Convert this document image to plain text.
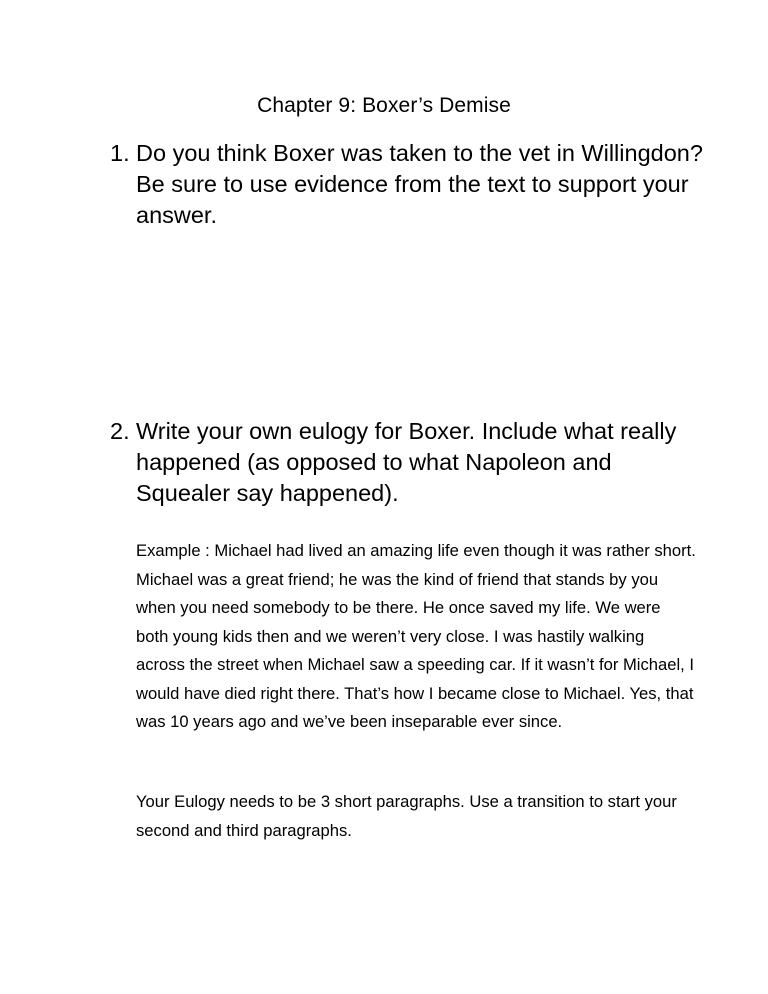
Chapter 9: Boxer’s Demise
1. Do you think Boxer was taken to the vet in Willingdon? Be sure to use evidence from the text to support your answer.
2. Write your own eulogy for Boxer. Include what really happened (as opposed to what Napoleon and Squealer say happened).
Example : Michael had lived an amazing life even though it was rather short. Michael was a great friend; he was the kind of friend that stands by you when you need somebody to be there. He once saved my life. We were both young kids then and we weren’t very close. I was hastily walking across the street when Michael saw a speeding car. If it wasn’t for Michael, I would have died right there. That’s how I became close to Michael. Yes, that was 10 years ago and we’ve been inseparable ever since.
Your Eulogy needs to be 3 short paragraphs. Use a transition to start your second and third paragraphs.
